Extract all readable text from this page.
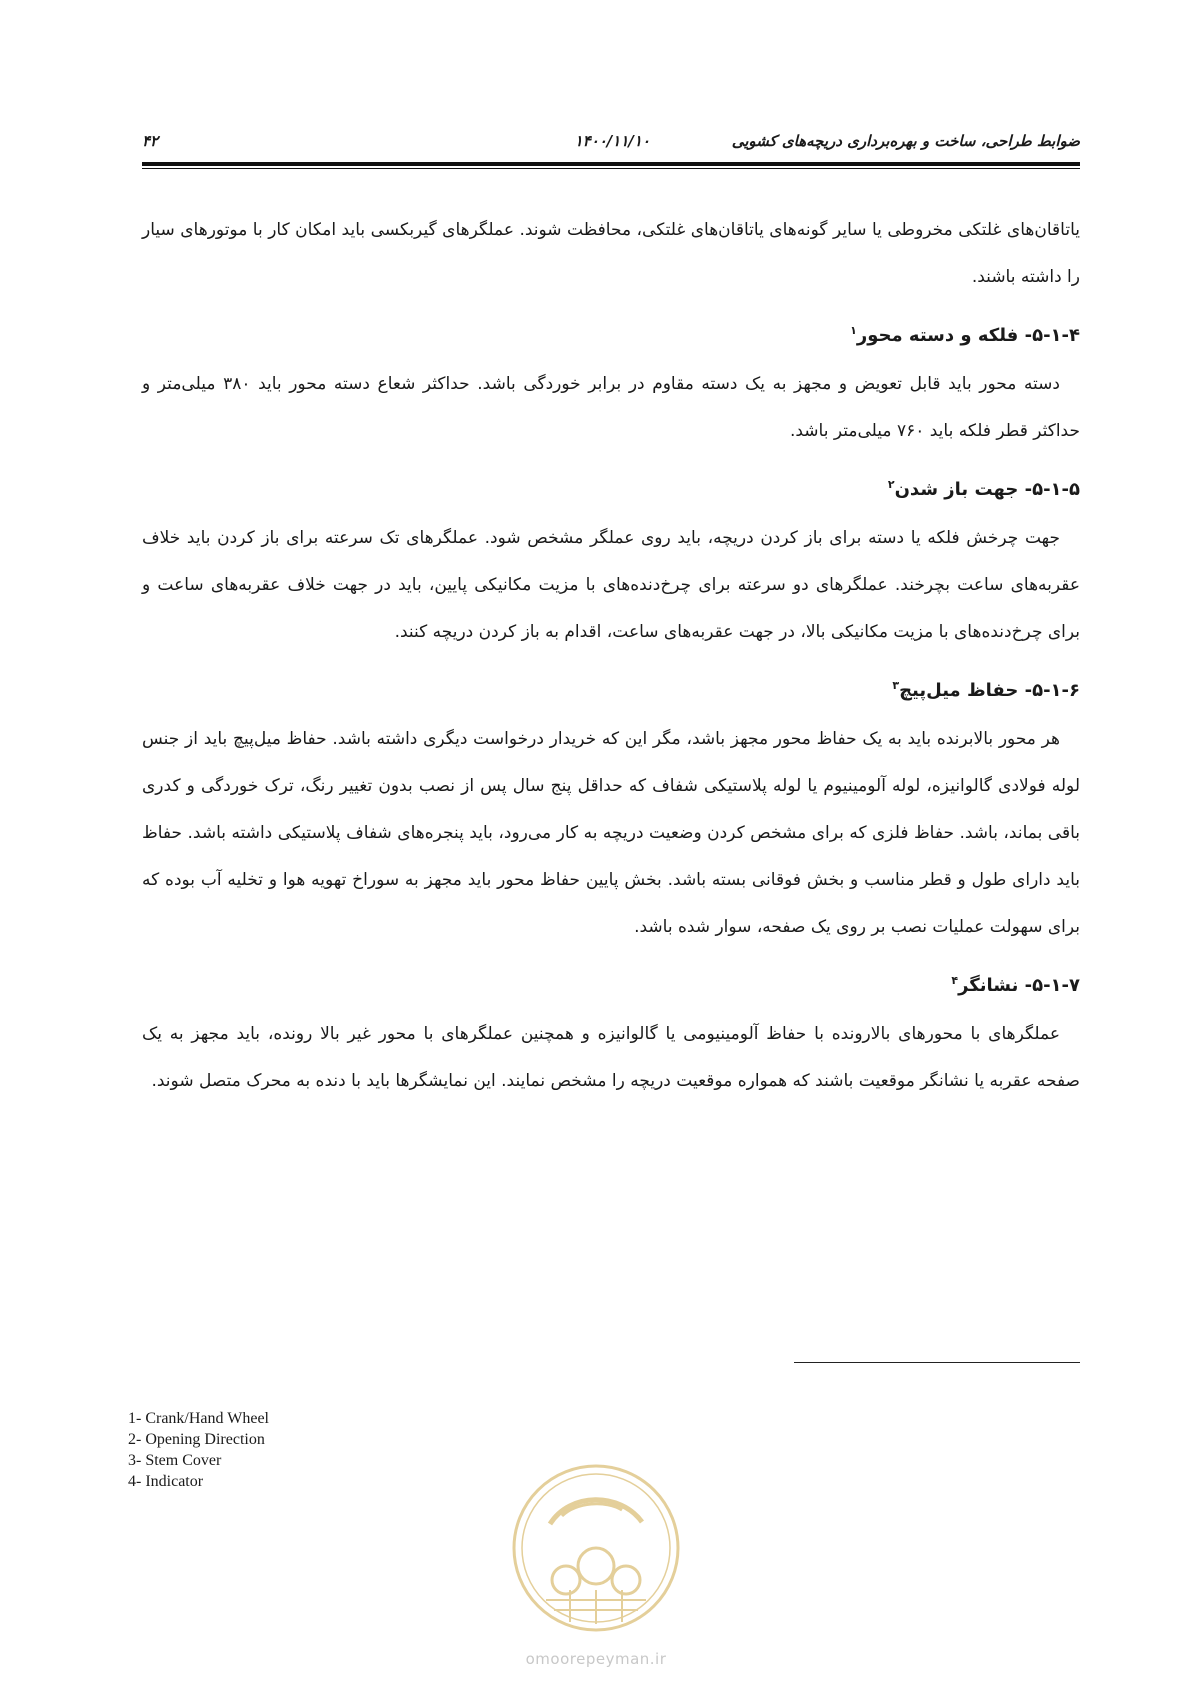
ضوابط طراحی، ساخت و بهره‌برداری دریچه‌های کشویی
۱۴۰۰/۱۱/۱۰
۴۲

یاتاقان‌های غلتکی مخروطی یا سایر گونه‌های یاتاقان‌های غلتکی، محافظت شوند. عملگرهای گیربکسی باید امکان کار با موتورهای سیار را داشته باشند.

۵-۱-۴- فلکه و دسته محور$^۱$

دسته محور باید قابل تعویض و مجهز به یک دسته مقاوم در برابر خوردگی باشد. حداکثر شعاع دسته محور باید ۳۸۰ میلی‌متر و حداکثر قطر فلکه باید ۷۶۰ میلی‌متر باشد.

۵-۱-۵- جهت باز شدن$^۲$

جهت چرخش فلکه یا دسته برای باز کردن دریچه، باید روی عملگر مشخص شود. عملگرهای تک سرعته برای باز کردن باید خلاف عقربه‌های ساعت بچرخند. عملگرهای دو سرعته برای چرخ‌دنده‌های با مزیت مکانیکی پایین، باید در جهت خلاف عقربه‌های ساعت و برای چرخ‌دنده‌های با مزیت مکانیکی بالا، در جهت عقربه‌های ساعت، اقدام به باز کردن دریچه کنند.

۵-۱-۶- حفاظ میل‌پیچ$^۳$

هر محور بالابرنده باید به یک حفاظ محور مجهز باشد، مگر این که خریدار درخواست دیگری داشته باشد. حفاظ میل‌پیچ باید از جنس لوله فولادی گالوانیزه، لوله آلومینیوم یا لوله پلاستیکی شفاف که حداقل پنج سال پس از نصب بدون تغییر رنگ، ترک خوردگی و کدری باقی بماند، باشد. حفاظ فلزی که برای مشخص کردن وضعیت دریچه به کار می‌رود، باید پنجره‌های شفاف پلاستیکی داشته باشد. حفاظ باید دارای طول و قطر مناسب و بخش فوقانی بسته باشد. بخش پایین حفاظ محور باید مجهز به سوراخ تهویه هوا و تخلیه آب بوده که برای سهولت عملیات نصب بر روی یک صفحه، سوار شده باشد.

۵-۱-۷- نشانگر$^۴$

عملگرهای با محورهای بالارونده با حفاظ آلومینیومی یا گالوانیزه و همچنین عملگرهای با محور غیر بالا رونده، باید مجهز به یک صفحه عقربه یا نشانگر موقعیت باشند که همواره موقعیت دریچه را مشخص نمایند. این نمایشگرها باید با دنده به محرک متصل شوند.

1- Crank/Hand Wheel
2- Opening Direction
3- Stem Cover
4- Indicator
omoorepeyman.ir
